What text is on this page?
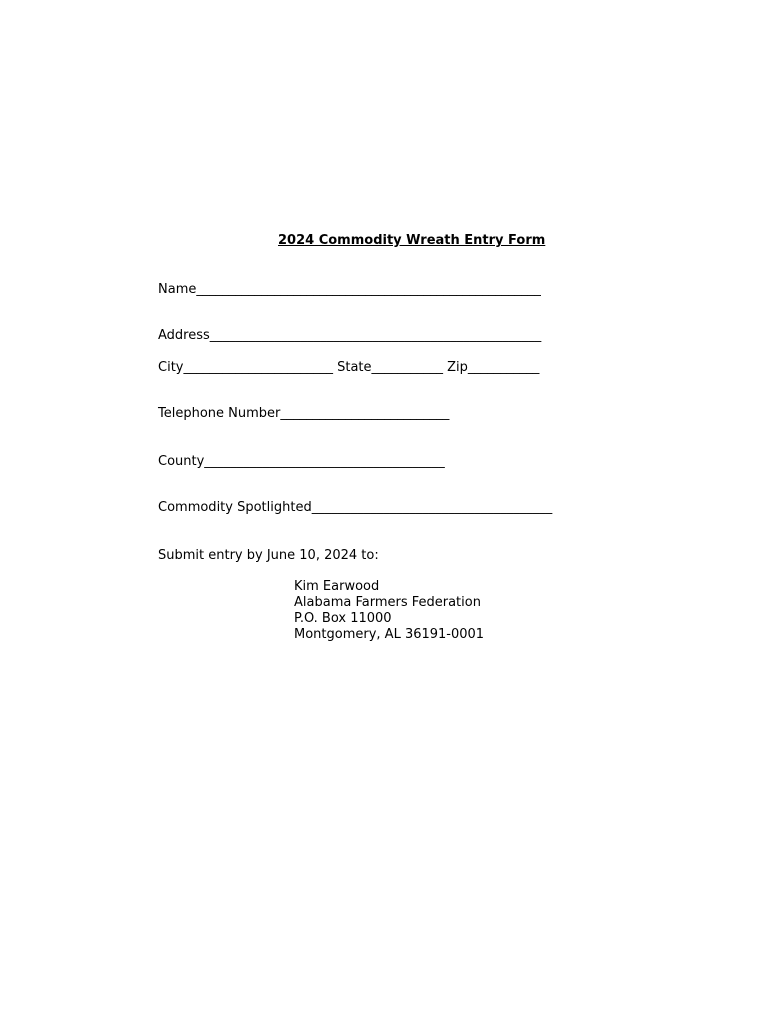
2024 Commodity Wreath Entry Form
Name_____________________________________________________
Address___________________________________________________
City_______________________ State___________ Zip___________
Telephone Number__________________________
County_____________________________________
Commodity Spotlighted_____________________________________
Submit entry by June 10, 2024 to:
Kim Earwood
Alabama Farmers Federation
P.O. Box 11000
Montgomery, AL 36191-0001
